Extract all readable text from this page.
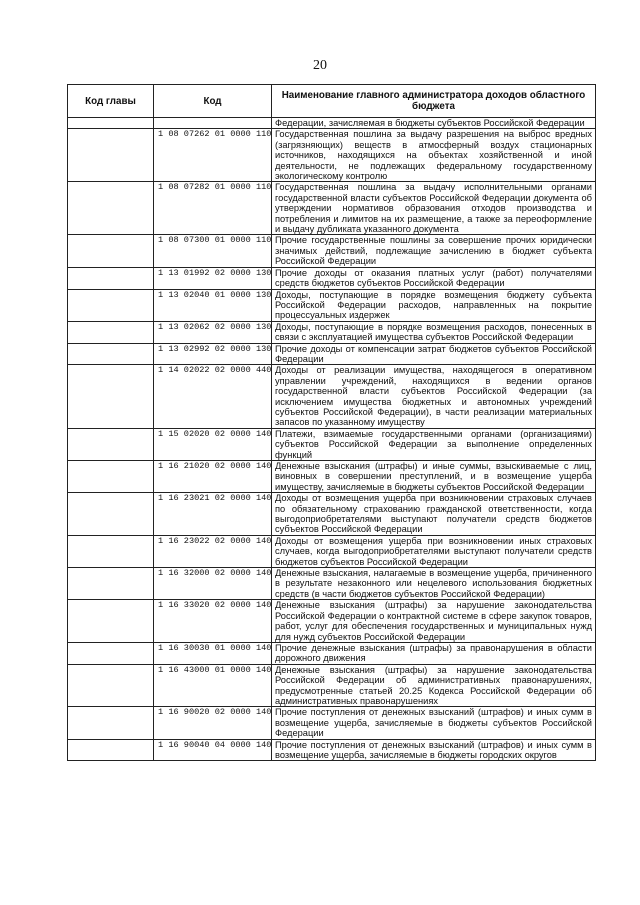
20
Код главы	Код	Наименование главного администратора доходов областного бюджета
		Федерации, зачисляемая в бюджеты субъектов Российской Федерации
	1 08 07262 01 0000 110	Государственная пошлина за выдачу разрешения на выброс вредных (загрязняющих) веществ в атмосферный воздух стационарных источников, находящихся на объектах хозяйственной и иной деятельности, не подлежащих федеральному государственному экологическому контролю
	1 08 07282 01 0000 110	Государственная пошлина за выдачу исполнительными органами государственной власти субъектов Российской Федерации документа об утверждении нормативов образования отходов производства и потребления и лимитов на их размещение, а также за переоформление и выдачу дубликата указанного документа
	1 08 07300 01 0000 110	Прочие государственные пошлины за совершение прочих юридически значимых действий, подлежащие зачислению в бюджет субъекта Российской Федерации
	1 13 01992 02 0000 130	Прочие доходы от оказания платных услуг (работ) получателями средств бюджетов субъектов Российской Федерации
	1 13 02040 01 0000 130	Доходы, поступающие в порядке возмещения бюджету субъекта Российской Федерации расходов, направленных на покрытие процессуальных издержек
	1 13 02062 02 0000 130	Доходы, поступающие в порядке возмещения расходов, понесенных в связи с эксплуатацией имущества субъектов Российской Федерации
	1 13 02992 02 0000 130	Прочие доходы от компенсации затрат бюджетов субъектов Российской Федерации
	1 14 02022 02 0000 440	Доходы от реализации имущества, находящегося в оперативном управлении учреждений, находящихся в ведении органов государственной власти субъектов Российской Федерации (за исключением имущества бюджетных и автономных учреждений субъектов Российской Федерации), в части реализации материальных запасов по указанному имуществу
	1 15 02020 02 0000 140	Платежи, взимаемые государственными органами (организациями) субъектов Российской Федерации за выполнение определенных функций
	1 16 21020 02 0000 140	Денежные взыскания (штрафы) и иные суммы, взыскиваемые с лиц, виновных в совершении преступлений, и в возмещение ущерба имуществу, зачисляемые в бюджеты субъектов Российской Федерации
	1 16 23021 02 0000 140	Доходы от возмещения ущерба при возникновении страховых случаев по обязательному страхованию гражданской ответственности, когда выгодоприобретателями выступают получатели средств бюджетов субъектов Российской Федерации
	1 16 23022 02 0000 140	Доходы от возмещения ущерба при возникновении иных страховых случаев, когда выгодоприобретателями выступают получатели средств бюджетов субъектов Российской Федерации
	1 16 32000 02 0000 140	Денежные взыскания, налагаемые в возмещение ущерба, причиненного в результате незаконного или нецелевого использования бюджетных средств (в части бюджетов субъектов Российской Федерации)
	1 16 33020 02 0000 140	Денежные взыскания (штрафы) за нарушение законодательства Российской Федерации о контрактной системе в сфере закупок товаров, работ, услуг для обеспечения государственных и муниципальных нужд для нужд субъектов Российской Федерации
	1 16 30030 01 0000 140	Прочие денежные взыскания (штрафы) за правонарушения в области дорожного движения
	1 16 43000 01 0000 140	Денежные взыскания (штрафы) за нарушение законодательства Российской Федерации об административных правонарушениях, предусмотренные статьей 20.25 Кодекса Российской Федерации об административных правонарушениях
	1 16 90020 02 0000 140	Прочие поступления от денежных взысканий (штрафов) и иных сумм в возмещение ущерба, зачисляемые в бюджеты субъектов Российской Федерации
	1 16 90040 04 0000 140	Прочие поступления от денежных взысканий (штрафов) и иных сумм в возмещение ущерба, зачисляемые в бюджеты городских округов
